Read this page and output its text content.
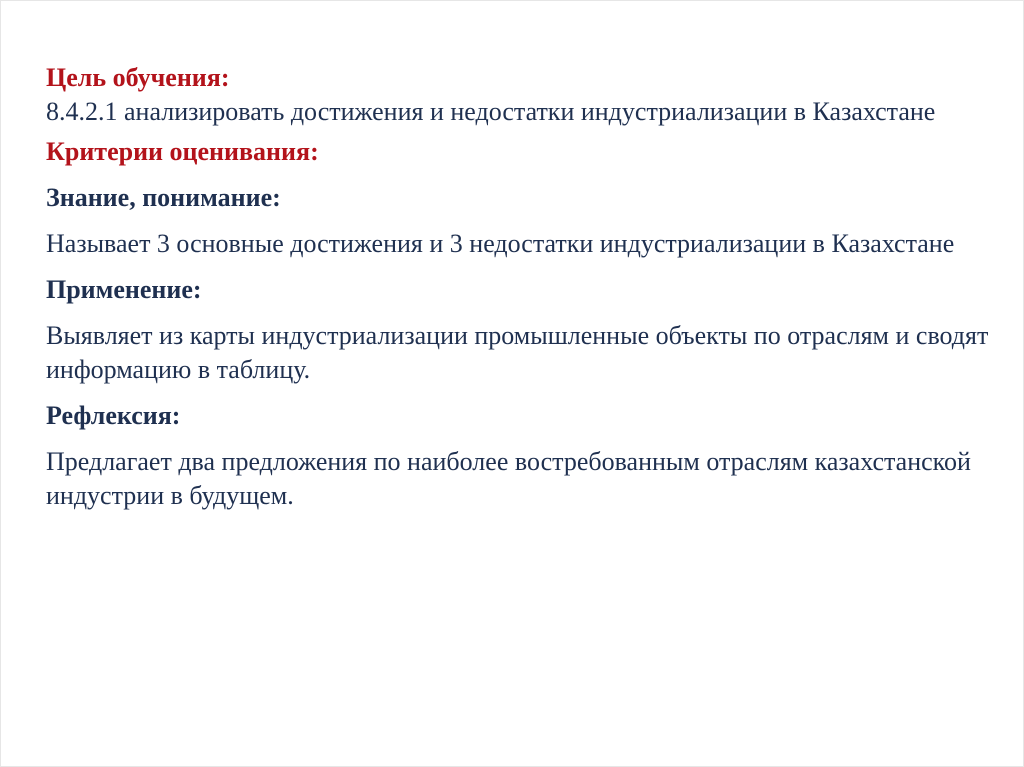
Цель обучения:
8.4.2.1 анализировать достижения и недостатки индустриализации в Казахстане
Критерии оценивания:
Знание, понимание:
Называет 3 основные достижения и 3 недостатки индустриализации в Казахстане
Применение:
Выявляет из карты индустриализации промышленные объекты по отраслям и сводят информацию в таблицу.
Рефлексия:
Предлагает два предложения по наиболее востребованным отраслям казахстанской индустрии в будущем.
